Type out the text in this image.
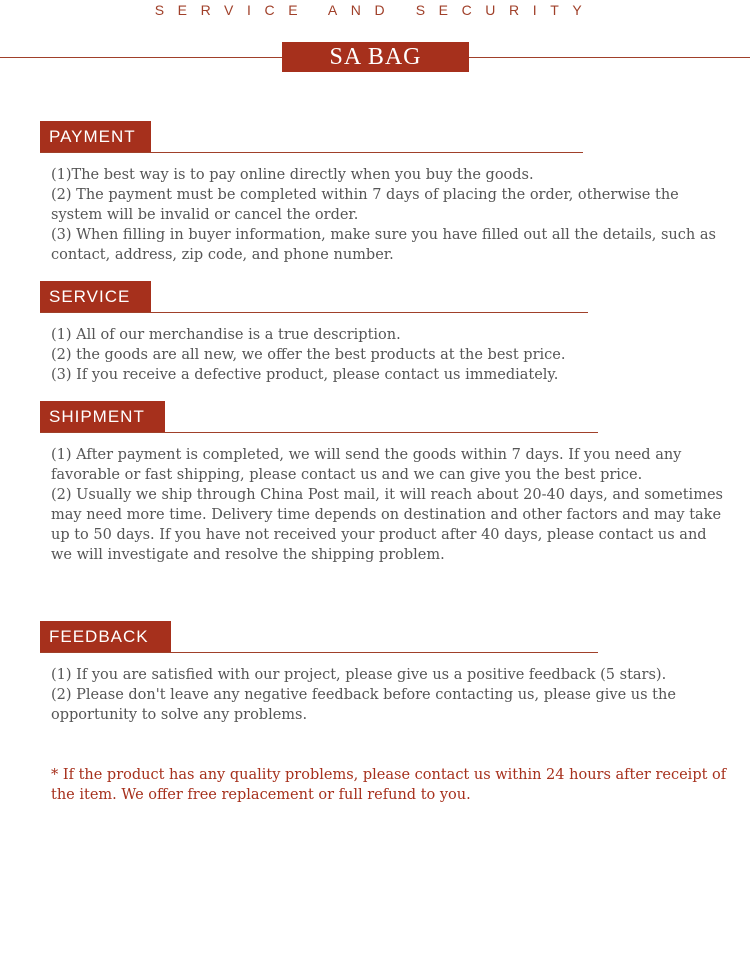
SERVICE AND SECURITY
SA BAG
PAYMENT

(1)The best way is to pay online directly when you buy the goods.

(2) The payment must be completed within 7 days of placing the order, otherwise the system will be invalid or cancel the order.

(3) When filling in buyer information, make sure you have filled out all the details, such as contact, address, zip code, and phone number.

SERVICE

(1) All of our merchandise is a true description.

(2) the goods are all new, we offer the best products at the best price.

(3) If you receive a defective product, please contact us immediately.

SHIPMENT

(1) After payment is completed, we will send the goods within 7 days. If you need any favorable or fast shipping, please contact us and we can give you the best price.

(2) Usually we ship through China Post mail, it will reach about 20-40 days, and sometimes may need more time. Delivery time depends on destination and other factors and may take up to 50 days. If you have not received your product after 40 days, please contact us and we will investigate and resolve the shipping problem.

FEEDBACK

(1) If you are satisfied with our project, please give us a positive feedback (5 stars).

(2) Please don't leave any negative feedback before contacting us, please give us the opportunity to solve any problems.

* If the product has any quality problems, please contact us within 24 hours after receipt of the item. We offer free replacement or full refund to you.
